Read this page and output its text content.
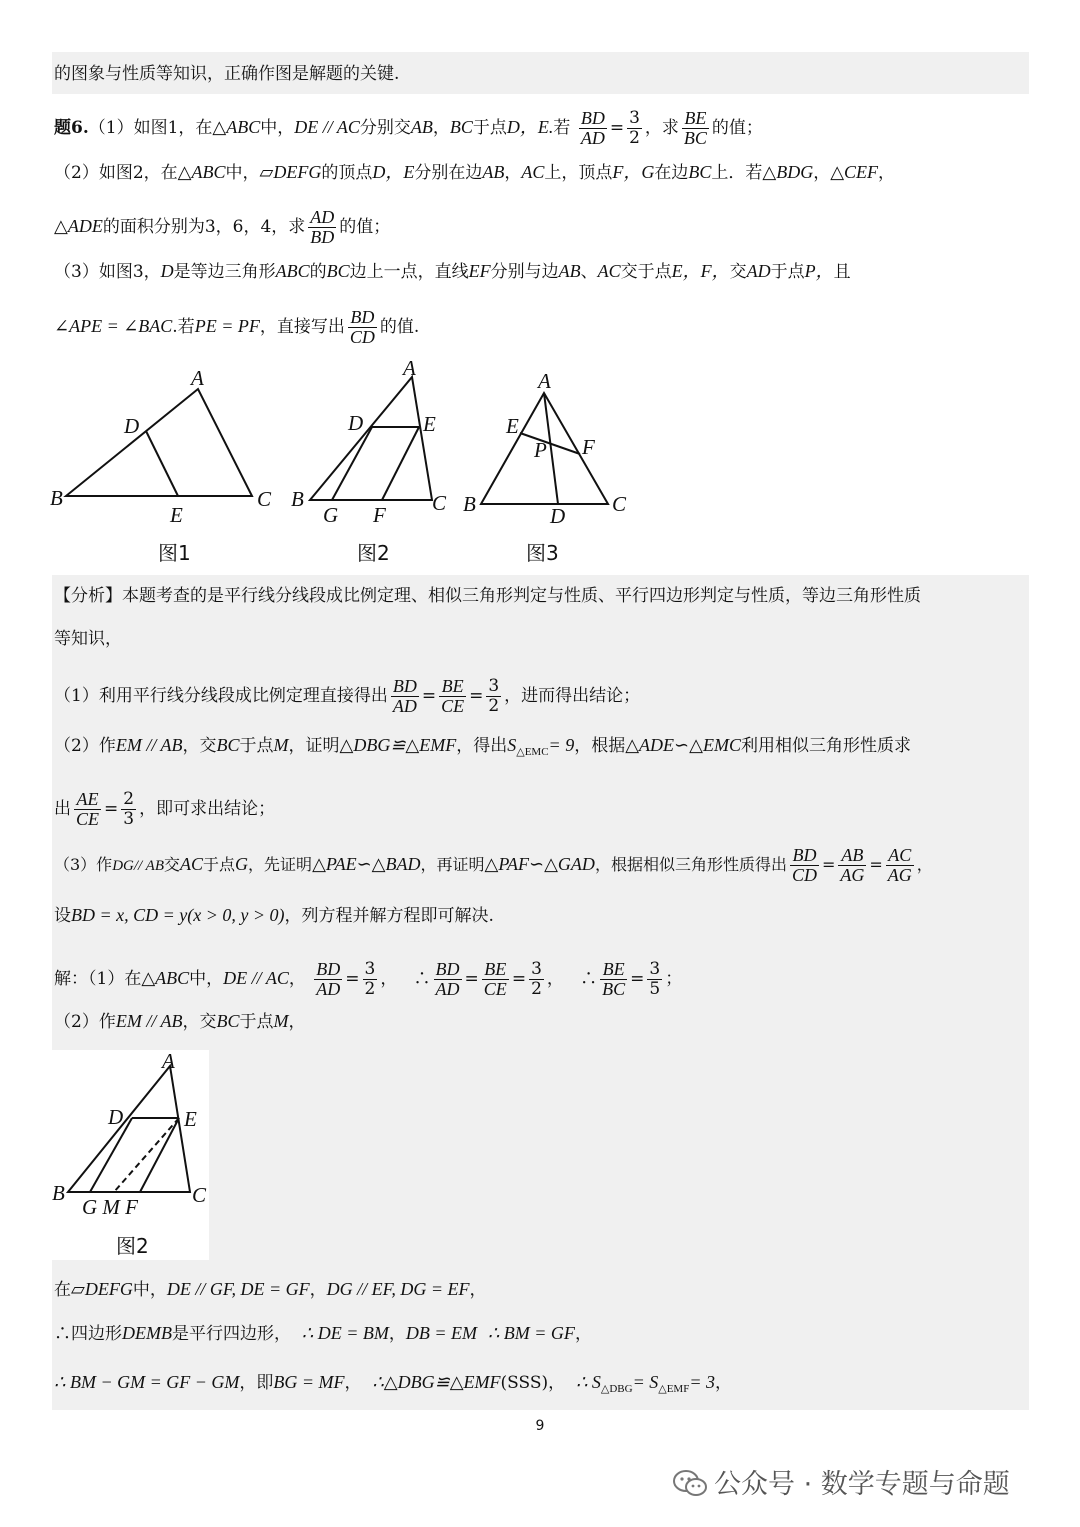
的图象与性质等知识，正确作图是解题的关键.
题6.（1）如图1，在△ABC中，DE // AC分别交AB，BC于点D，E.若 $\frac{BD}{AD} = \frac{3}{2}$ ，求 $\frac{BE}{BC}$ 的值；
（2）如图2，在△ABC中，▱DEFG的顶点D，E分别在边AB，AC上，顶点F，G在边BC上．若△BDG，△CEF，
△ADE的面积分别为3，6，4，求 $\frac{AD}{BD}$ 的值；
（3）如图3，D是等边三角形ABC的BC边上一点，直线EF分别与边AB、AC交于点E，F，交AD于点P，且
∠APE = ∠BAC.若PE = PF，直接写出 $\frac{BD}{CD}$ 的值.
A
B	C
D
E
图1
A
B	C
D	E
G F
图2
A
B	C
D
E
F
P
图3
【分析】本题考查的是平行线分线段成比例定理、相似三角形判定与性质、平行四边形判定与性质，等边三角形性质
等知识，
（1）利用平行线分线段成比例定理直接得出 $\frac{BD}{AD} = \frac{BE}{CE} = \frac{3}{2}$ ，进而得出结论；
（2）作EM // AB，交BC于点M，证明△DBG≌△EMF，得出$S_{\triangle EMC}= 9$，根据△ADE∽△EMC利用相似三角形性质求
出 $\frac{AE}{CE} = \frac{2}{3}$ ，即可求出结论；
（3）作DG// AB交AC于点G，先证明△PAE∽△BAD，再证明△PAF∽△GAD，根据相似三角形性质得出 $\frac{BD}{CD} = \frac{AB}{AG} = \frac{AC}{AG}$ ，
设BD = x, CD = y(x > 0, y > 0)，列方程并解方程即可解决.
解：（1）在△ABC中，DE // AC， $\frac{BD}{AD} = \frac{3}{2}$ ， ∴ $\frac{BD}{AD} = \frac{BE}{CE} = \frac{3}{2}$ ， ∴ $\frac{BE}{BC} = \frac{3}{5}$ ；
（2）作EM // AB，交BC于点M，
A
B	C
D	E
G M F
图2
在▱DEFG中，DE // GF, DE = GF，DG // EF, DG = EF，
∴四边形DEMB是平行四边形， ∴ DE = BM，DB = EM ∴ BM = GF，
∴ BM − GM = GF − GM，即BG = MF， ∴△DBG≌△EMF(SSS)， ∴ $S_{\triangle DBG}= S_{\triangle EMF}= 3$，
9
公众号 · 数学专题与命题
